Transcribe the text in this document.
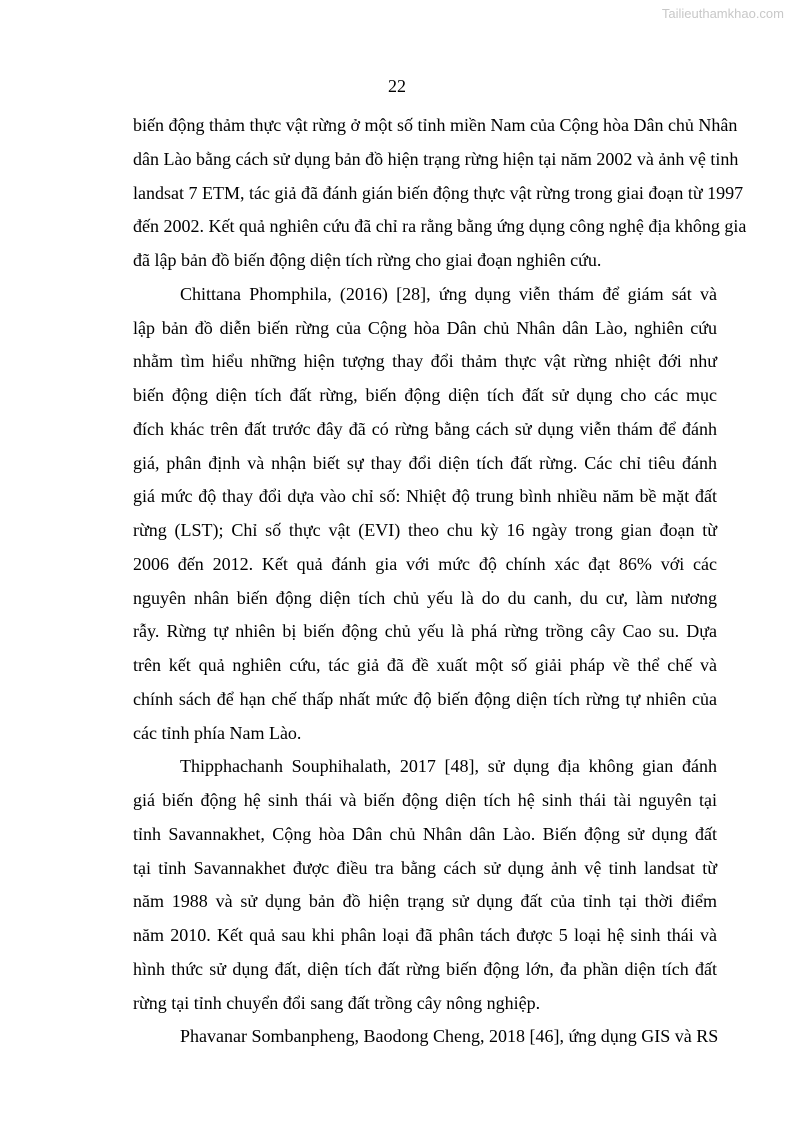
Tailieuthamkhao.com
22
biến động thảm thực vật rừng ở một số tỉnh miền Nam của Cộng hòa Dân chủ Nhân
dân Lào bằng cách sử dụng bản đồ hiện trạng rừng hiện tại năm 2002 và ảnh vệ tinh
landsat 7 ETM, tác giả đã đánh gián biến động thực vật rừng trong giai đoạn từ 1997
đến 2002. Kết quả nghiên cứu đã chỉ ra rằng bằng ứng dụng công nghệ địa không gia
đã lập bản đồ biến động diện tích rừng cho giai đoạn nghiên cứu.
Chittana Phomphila, (2016) [28], ứng dụng viễn thám để giám sát và
lập bản đồ diễn biến rừng của Cộng hòa Dân chủ Nhân dân Lào, nghiên cứu
nhằm tìm hiểu những hiện tượng thay đổi thảm thực vật rừng nhiệt đới như
biến động diện tích đất rừng, biến động diện tích đất sử dụng cho các mục
đích khác trên đất trước đây đã có rừng bằng cách sử dụng viễn thám để đánh
giá, phân định và nhận biết sự thay đổi diện tích đất rừng. Các chỉ tiêu đánh
giá mức độ thay đổi dựa vào chỉ số: Nhiệt độ trung bình nhiều năm bề mặt đất
rừng (LST); Chỉ số thực vật (EVI) theo chu kỳ 16 ngày trong gian đoạn từ
2006 đến 2012. Kết quả đánh gia với mức độ chính xác đạt 86% với các
nguyên nhân biến động diện tích chủ yếu là do du canh, du cư, làm nương
rẫy. Rừng tự nhiên bị biến động chủ yếu là phá rừng trồng cây Cao su. Dựa
trên kết quả nghiên cứu, tác giả đã đề xuất một số giải pháp về thể chế và
chính sách để hạn chế thấp nhất mức độ biến động diện tích rừng tự nhiên của
các tỉnh phía Nam Lào.
Thipphachanh Souphihalath, 2017 [48], sử dụng địa không gian đánh
giá biến động hệ sinh thái và biến động diện tích hệ sinh thái tài nguyên tại
tỉnh Savannakhet, Cộng hòa Dân chủ Nhân dân Lào. Biến động sử dụng đất
tại tỉnh Savannakhet được điều tra bằng cách sử dụng ảnh vệ tinh landsat từ
năm 1988 và sử dụng bản đồ hiện trạng sử dụng đất của tỉnh tại thời điểm
năm 2010. Kết quả sau khi phân loại đã phân tách được 5 loại hệ sinh thái và
hình thức sử dụng đất, diện tích đất rừng biến động lớn, đa phần diện tích đất
rừng tại tỉnh chuyển đổi sang đất trồng cây nông nghiệp.
Phavanar Sombanpheng, Baodong Cheng, 2018 [46], ứng dụng GIS và RS
